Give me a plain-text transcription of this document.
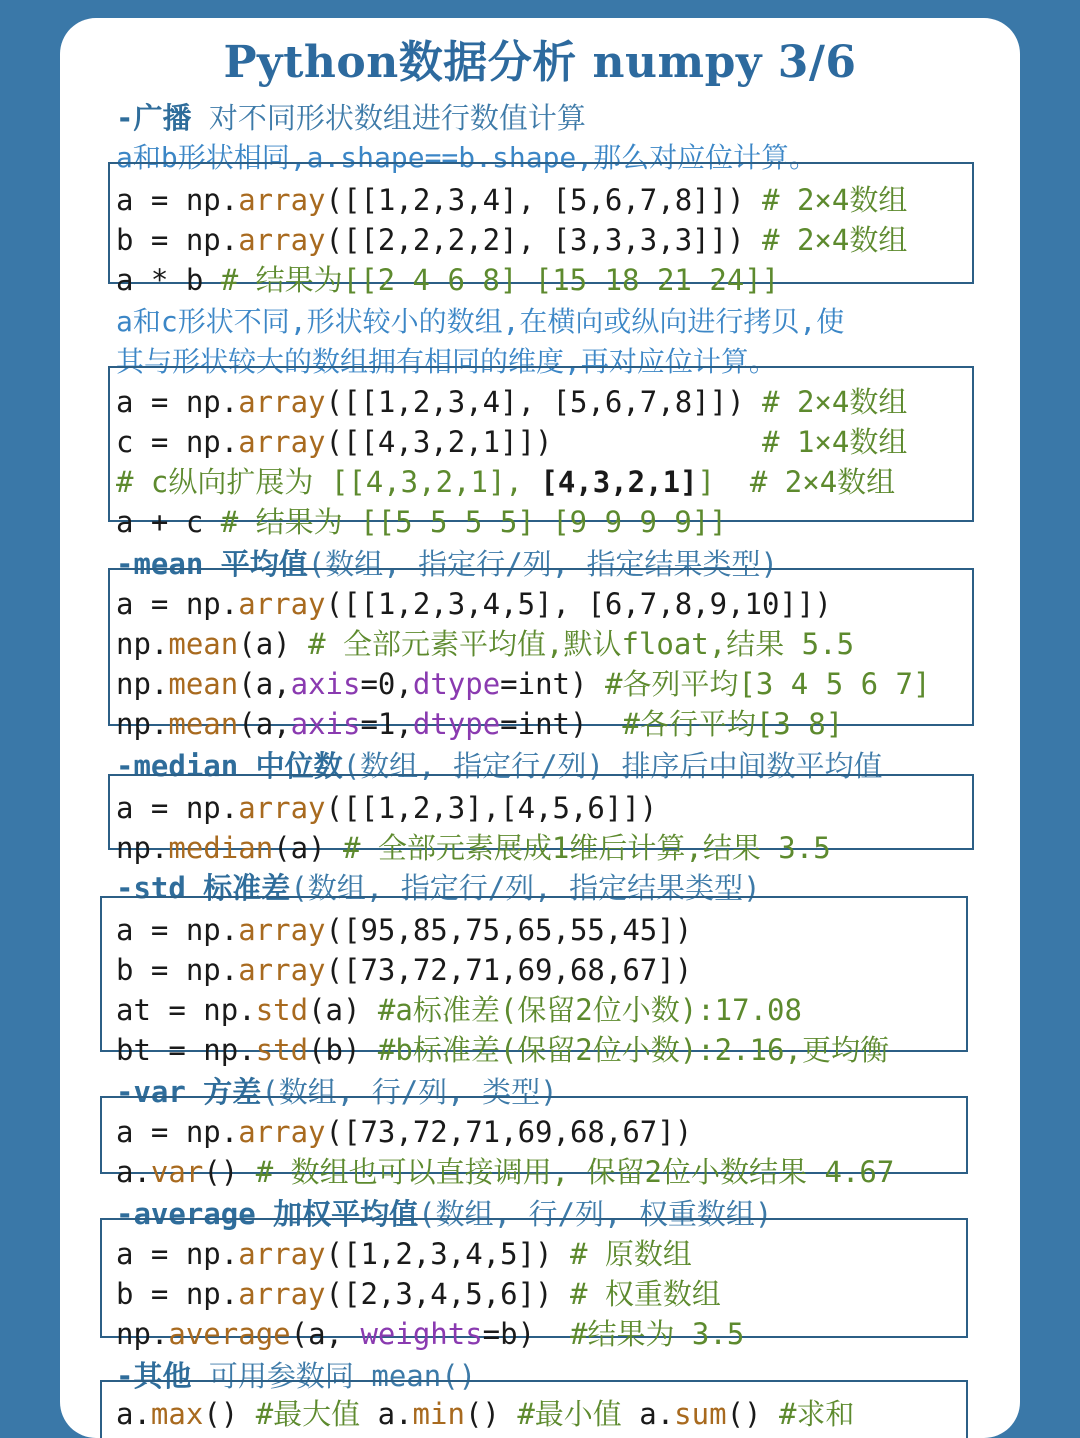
Python数据分析 numpy 3/6
-广播 对不同形状数组进行数值计算
a和b形状相同,a.shape==b.shape,那么对应位计算。
a = np.array([[1,2,3,4], [5,6,7,8]]) # 2×4数组
b = np.array([[2,2,2,2], [3,3,3,3]]) # 2×4数组
a * b # 结果为[[2 4 6 8] [15 18 21 24]]
a和c形状不同,形状较小的数组,在横向或纵向进行拷贝,使
其与形状较大的数组拥有相同的维度,再对应位计算。
a = np.array([[1,2,3,4], [5,6,7,8]]) # 2×4数组
c = np.array([[4,3,2,1]])            # 1×4数组
# c纵向扩展为 [[4,3,2,1], [4,3,2,1]]  # 2×4数组
a + c # 结果为 [[5 5 5 5] [9 9 9 9]]
-mean 平均值(数组, 指定行/列, 指定结果类型)
a = np.array([[1,2,3,4,5], [6,7,8,9,10]])
np.mean(a) # 全部元素平均值,默认float,结果 5.5
np.mean(a,axis=0,dtype=int) #各列平均[3 4 5 6 7]
np.mean(a,axis=1,dtype=int)  #各行平均[3 8]
-median 中位数(数组, 指定行/列) 排序后中间数平均值
a = np.array([[1,2,3],[4,5,6]])
np.median(a) # 全部元素展成1维后计算,结果 3.5
-std 标准差(数组, 指定行/列, 指定结果类型)
a = np.array([95,85,75,65,55,45])
b = np.array([73,72,71,69,68,67])
at = np.std(a) #a标准差(保留2位小数):17.08
bt = np.std(b) #b标准差(保留2位小数):2.16,更均衡
-var 方差(数组, 行/列, 类型)
a = np.array([73,72,71,69,68,67])
a.var() # 数组也可以直接调用, 保留2位小数结果 4.67
-average 加权平均值(数组, 行/列, 权重数组)
a = np.array([1,2,3,4,5]) # 原数组
b = np.array([2,3,4,5,6]) # 权重数组
np.average(a, weights=b)  #结果为 3.5
-其他 可用参数同 mean()
a.max() #最大值 a.min() #最小值 a.sum() #求和
